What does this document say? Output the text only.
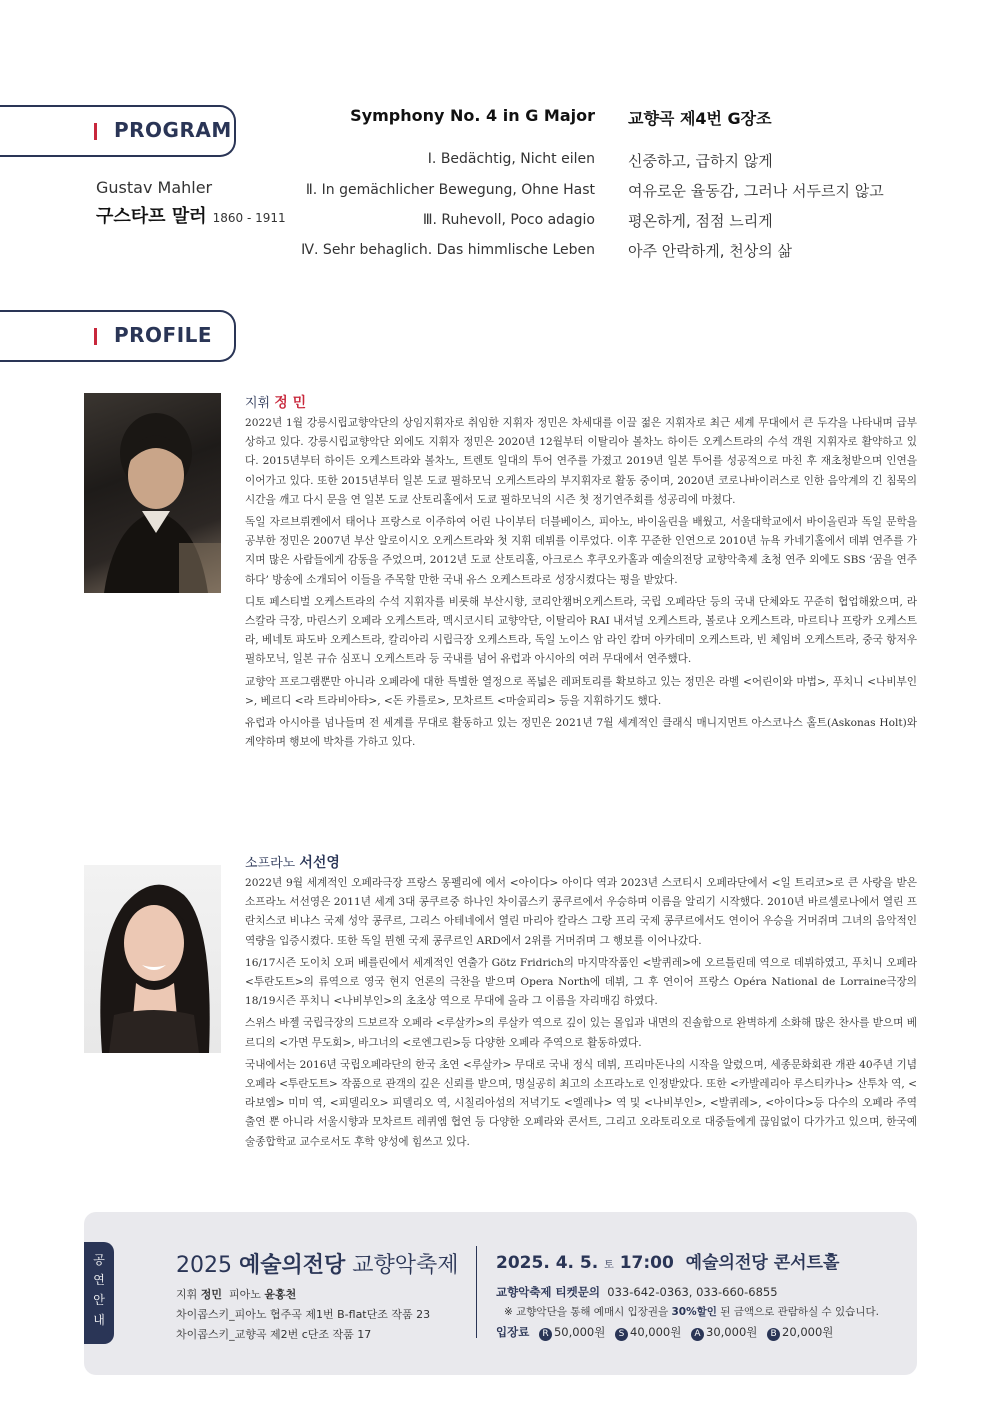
PROGRAM
Gustav Mahler
구스타프 말러 1860 - 1911
Symphony No. 4 in G Major 교향곡 제4번 G장조
Ⅰ. Bedächtig, Nicht eilen 신중하고, 급하지 않게
Ⅱ. In gemächlicher Bewegung, Ohne Hast 여유로운 율동감, 그러나 서두르지 않고
Ⅲ. Ruhevoll, Poco adagio 평온하게, 점점 느리게
Ⅳ. Sehr behaglich. Das himmlische Leben 아주 안락하게, 천상의 삶
PROFILE
지휘 정 민

2022년 1월 강릉시립교향악단의 상임지휘자로 취임한 지휘자 정민은 차세대를 이끌 젊은 지휘자로 최근 세계 무대에서 큰 두각을 나타내며 급부상하고 있다. 강릉시립교향악단 외에도 지휘자 정민은 2020년 12월부터 이탈리아 볼차노 하이든 오케스트라의 수석 객원 지휘자로 활약하고 있다. 2015년부터 하이든 오케스트라와 볼차노, 트렌토 일대의 투어 연주를 가졌고 2019년 일본 투어를 성공적으로 마친 후 재초청받으며 인연을 이어가고 있다. 또한 2015년부터 일본 도쿄 필하모닉 오케스트라의 부지휘자로 활동 중이며, 2020년 코로나바이러스로 인한 음악계의 긴 침묵의 시간을 깨고 다시 문을 연 일본 도쿄 산토리홀에서 도쿄 필하모닉의 시즌 첫 정기연주회를 성공리에 마쳤다.

독일 자르브뤼켄에서 태어나 프랑스로 이주하여 어린 나이부터 더블베이스, 피아노, 바이올린을 배웠고, 서울대학교에서 바이올린과 독일 문학을 공부한 정민은 2007년 부산 알로이시오 오케스트라와 첫 지휘 데뷔를 이루었다. 이후 꾸준한 인연으로 2010년 뉴욕 카네기홀에서 데뷔 연주를 가지며 많은 사람들에게 감동을 주었으며, 2012년 도쿄 산토리홀, 아크로스 후쿠오카홀과 예술의전당 교향악축제 초청 연주 외에도 SBS ‘꿈을 연주하다’ 방송에 소개되어 이들을 주목할 만한 국내 유스 오케스트라로 성장시켰다는 평을 받았다.

디토 페스티벌 오케스트라의 수석 지휘자를 비롯해 부산시향, 코리안챔버오케스트라, 국립 오페라단 등의 국내 단체와도 꾸준히 협업해왔으며, 라 스칼라 극장, 마린스키 오페라 오케스트라, 멕시코시티 교향악단, 이탈리아 RAI 내셔널 오케스트라, 볼로냐 오케스트라, 마르티나 프랑카 오케스트라, 베네토 파도바 오케스트라, 칼리아리 시립극장 오케스트라, 독일 노이스 암 라인 캄머 아카데미 오케스트라, 빈 체임버 오케스트라, 중국 항저우 필하모닉, 일본 규슈 심포니 오케스트라 등 국내를 넘어 유럽과 아시아의 여러 무대에서 연주했다.

교향악 프로그램뿐만 아니라 오페라에 대한 특별한 열정으로 폭넓은 레퍼토리를 확보하고 있는 정민은 라벨 <어린이와 마법>, 푸치니 <나비부인>, 베르디 <라 트라비아타>, <돈 카를로>, 모차르트 <마술피리> 등을 지휘하기도 했다.

유럽과 아시아를 넘나들며 전 세계를 무대로 활동하고 있는 정민은 2021년 7월 세계적인 클래식 매니지먼트 아스코나스 홀트(Askonas Holt)와 계약하며 행보에 박차를 가하고 있다.

소프라노 서선영

2022년 9월 세계적인 오페라극장 프랑스 몽펠리에 에서 <아이다> 아이다 역과 2023년 스코티시 오페라단에서 <일 트리코>로 큰 사랑을 받은 소프라노 서선영은 2011년 세계 3대 콩쿠르중 하나인 차이콥스키 콩쿠르에서 우승하며 이름을 알리기 시작했다. 2010년 바르셀로나에서 열린 프란치스코 비냐스 국제 성악 콩쿠르, 그리스 아테네에서 열린 마리아 칼라스 그랑 프리 국제 콩쿠르에서도 연이어 우승을 거머쥐며 그녀의 음악적인 역량을 입증시켰다. 또한 독일 뮌헨 국제 콩쿠르인 ARD에서 2위를 거머쥐며 그 행보를 이어나갔다.

16/17시즌 도이치 오퍼 베를린에서 세계적인 연출가 Götz Fridrich의 마지막작품인 <발퀴레>에 오르틀린데 역으로 데뷔하였고, 푸치니 오페라 <투란도트>의 류역으로 영국 현지 언론의 극찬을 받으며 Opera North에 데뷔, 그 후 연이어 프랑스 Opéra National de Lorraine극장의 18/19시즌 푸치니 <나비부인>의 초초상 역으로 무대에 올라 그 이름을 자리매김 하였다.

스위스 바젤 국립극장의 드보르작 오페라 <루살카>의 루살카 역으로 깊이 있는 몰입과 내면의 진솔함으로 완벽하게 소화해 많은 찬사를 받으며 베르디의 <가면 무도회>, 바그너의 <로엔그린>등 다양한 오페라 주역으로 활동하였다.

국내에서는 2016년 국립오페라단의 한국 초연 <루살카> 무대로 국내 정식 데뷔, 프리마돈나의 시작을 알렸으며, 세종문화회관 개관 40주년 기념 오페라 <투란도트> 작품으로 관객의 깊은 신뢰를 받으며, 명실공히 최고의 소프라노로 인정받았다. 또한 <카발레리아 루스티카나> 산투차 역, <라보엠> 미미 역, <피델리오> 피델리오 역, 시칠리아섬의 저녁기도 <엘레나> 역 및 <나비부인>, <발퀴레>, <아이다>등 다수의 오페라 주역 출연 뿐 아니라 서울시향과 모차르트 레퀴엠 협연 등 다양한 오페라와 콘서트, 그리고 오라토리오로 대중들에게 끊임없이 다가가고 있으며, 한국예술종합학교 교수로서도 후학 양성에 힘쓰고 있다.

공연안내
2025 예술의전당 교향악축제
지휘 정민 피아노 윤홍천
차이콥스키_피아노 협주곡 제1번 B-flat단조 작품 23
차이콥스키_교향곡 제2번 c단조 작품 17
2025. 4. 5. 토 17:00 예술의전당 콘서트홀
교향악축제 티켓문의 033-642-0363, 033-660-6855
※ 교향악단을 통해 예매시 입장권을 30%할인 된 금액으로 관람하실 수 있습니다.
입장료 R 50,000원 S 40,000원 A 30,000원 B 20,000원
